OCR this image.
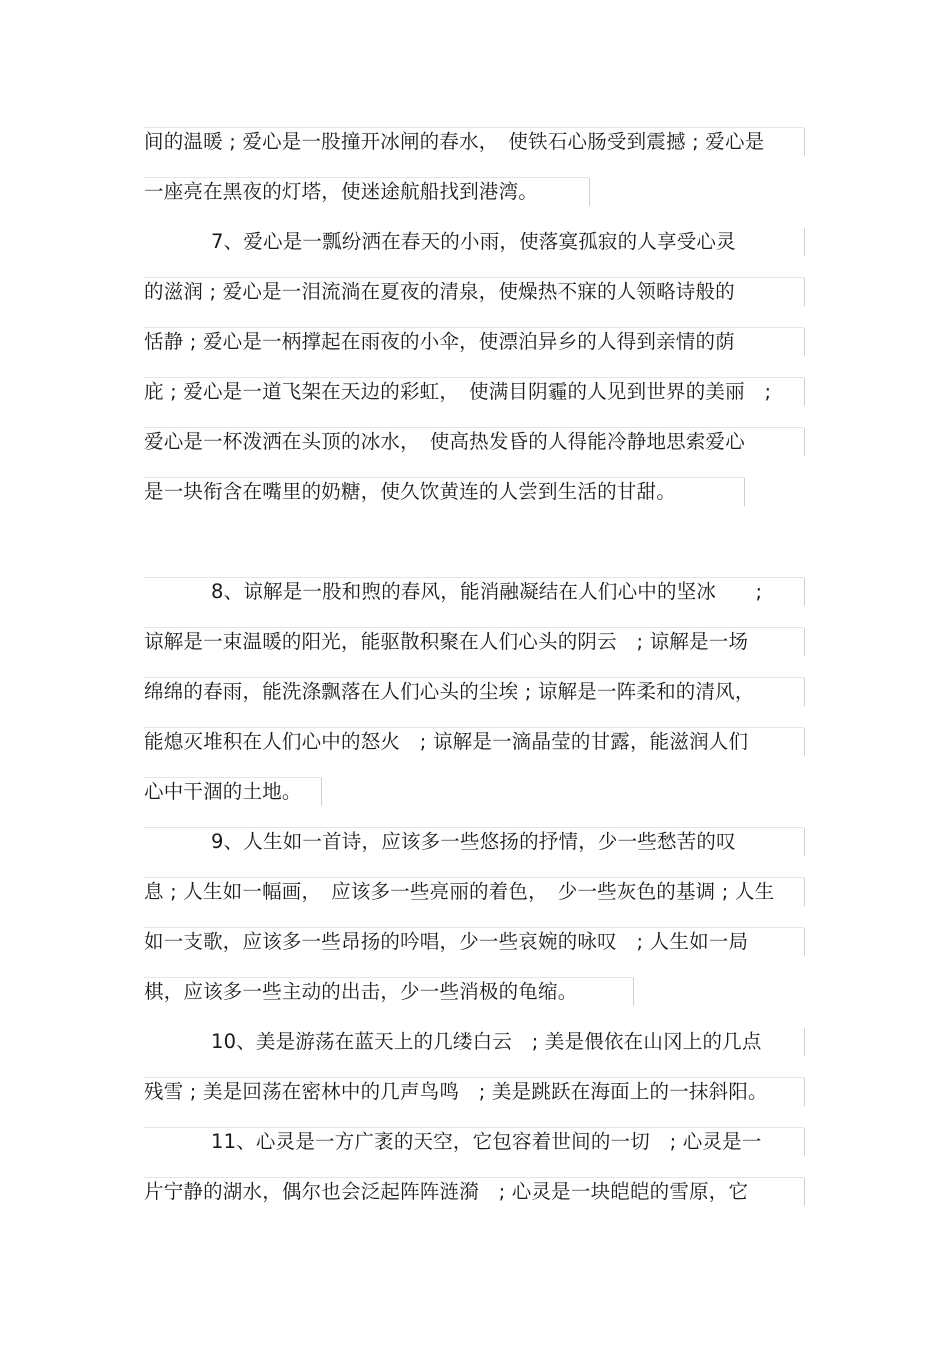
间的温暖 ; 爱心是一股撞开冰闸的春水，　使铁石心肠受到震撼 ; 爱心是
一座亮在黑夜的灯塔，使迷途航船找到港湾。
7、爱心是一瓢纷洒在春天的小雨，使落寞孤寂的人享受心灵
的滋润 ; 爱心是一泪流淌在夏夜的清泉，使燥热不寐的人领略诗般的
恬静 ; 爱心是一柄撑起在雨夜的小伞，使漂泊异乡的人得到亲情的荫
庇 ; 爱心是一道飞架在天边的彩虹，　使满目阴霾的人见到世界的美丽　;
爱心是一杯泼洒在头顶的冰水，　使高热发昏的人得能冷静地思索爱心
是一块衔含在嘴里的奶糖，使久饮黄连的人尝到生活的甘甜。
8、谅解是一股和煦的春风，能消融凝结在人们心中的坚冰　　;
谅解是一束温暖的阳光，能驱散积聚在人们心头的阴云　; 谅解是一场
绵绵的春雨，能洗涤飘落在人们心头的尘埃 ; 谅解是一阵柔和的清风，
能熄灭堆积在人们心中的怒火　; 谅解是一滴晶莹的甘露，能滋润人们
心中干涸的土地。
9、人生如一首诗，应该多一些悠扬的抒情，少一些愁苦的叹
息 ; 人生如一幅画，　应该多一些亮丽的着色，　少一些灰色的基调 ; 人生
如一支歌，应该多一些昂扬的吟唱，少一些哀婉的咏叹　; 人生如一局
棋，应该多一些主动的出击，少一些消极的龟缩。
10、美是游荡在蓝天上的几缕白云　; 美是偎依在山冈上的几点
残雪 ; 美是回荡在密林中的几声鸟鸣　; 美是跳跃在海面上的一抹斜阳。
11、心灵是一方广袤的天空，它包容着世间的一切　; 心灵是一
片宁静的湖水，偶尔也会泛起阵阵涟漪　; 心灵是一块皑皑的雪原，它
